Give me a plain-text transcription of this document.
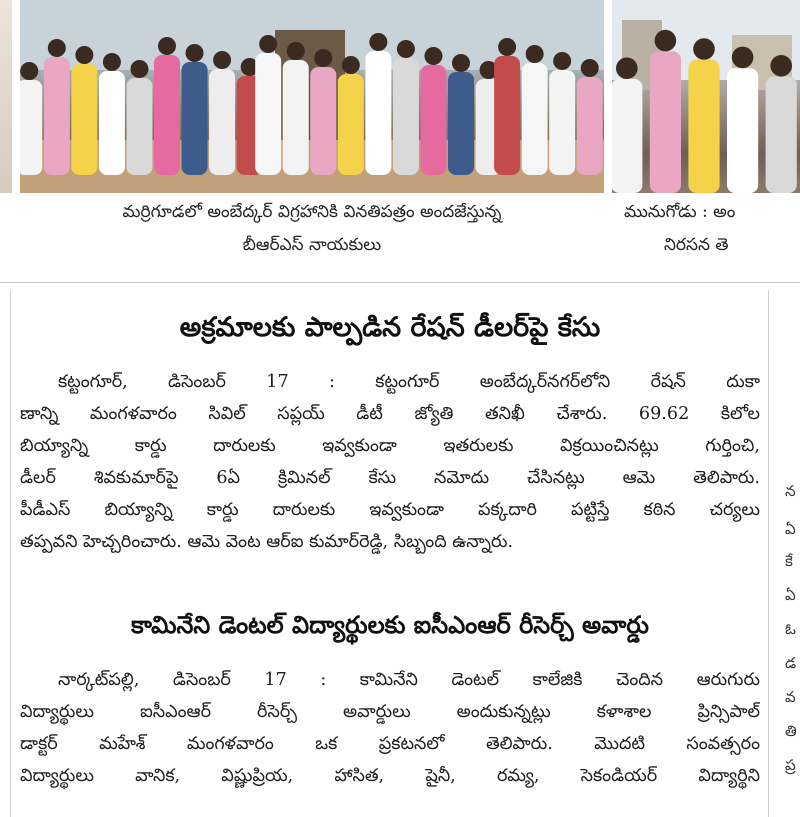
మర్రిగూడలో అంబేద్కర్ విగ్రహానికి వినతిపత్రం అందజేస్తున్న
బీఆర్ఎస్ నాయకులు
మునుగోడు : అం
నిరసన తె
అక్రమాలకు పాల్పడిన రేషన్ డీలర్‌పై కేసు
కట్టంగూర్, డిసెంబర్ 17 : కట్టంగూర్ అంబేద్కర్‌నగర్‌లోని రేషన్ దుకా
ణాన్ని మంగళవారం సివిల్ సప్లయ్ డీటీ జ్యోతి తనిఖీ చేశారు. 69.62 కిలోల
బియ్యాన్ని కార్డు దారులకు ఇవ్వకుండా ఇతరులకు విక్రయించినట్లు గుర్తించి,
డీలర్ శివకుమార్‌పై 6ఏ క్రిమినల్ కేసు నమోదు చేసినట్లు ఆమె తెలిపారు.
పీడీఎస్ బియ్యాన్ని కార్డు దారులకు ఇవ్వకుండా పక్కదారి పట్టిస్తే కఠిన చర్యలు
తప్పవని హెచ్చరించారు. ఆమె వెంట ఆర్ఐ కుమార్‌రెడ్డి, సిబ్బంది ఉన్నారు.
కామినేని డెంటల్ విద్యార్థులకు ఐసీఎంఆర్ రీసెర్చ్ అవార్డు
నార్కట్‌పల్లి, డిసెంబర్ 17 : కామినేని డెంటల్ కాలేజికి చెందిన ఆరుగురు
విద్యార్థులు ఐసీఎంఆర్ రీసెర్చ్ అవార్డులు అందుకున్నట్లు కళాశాల ప్రిన్సిపాల్
డాక్టర్ మహేశ్ మంగళవారం ఒక ప్రకటనలో తెలిపారు. మొదటి సంవత్సరం
విద్యార్థులు వానిక, విష్ణుప్రియ, హాసిత, షైనీ, రమ్య, సెకండియర్ విద్యార్థిని
న
ఏ
కే
ఏ
ఓ
డ
వ
తి
ప్ర
